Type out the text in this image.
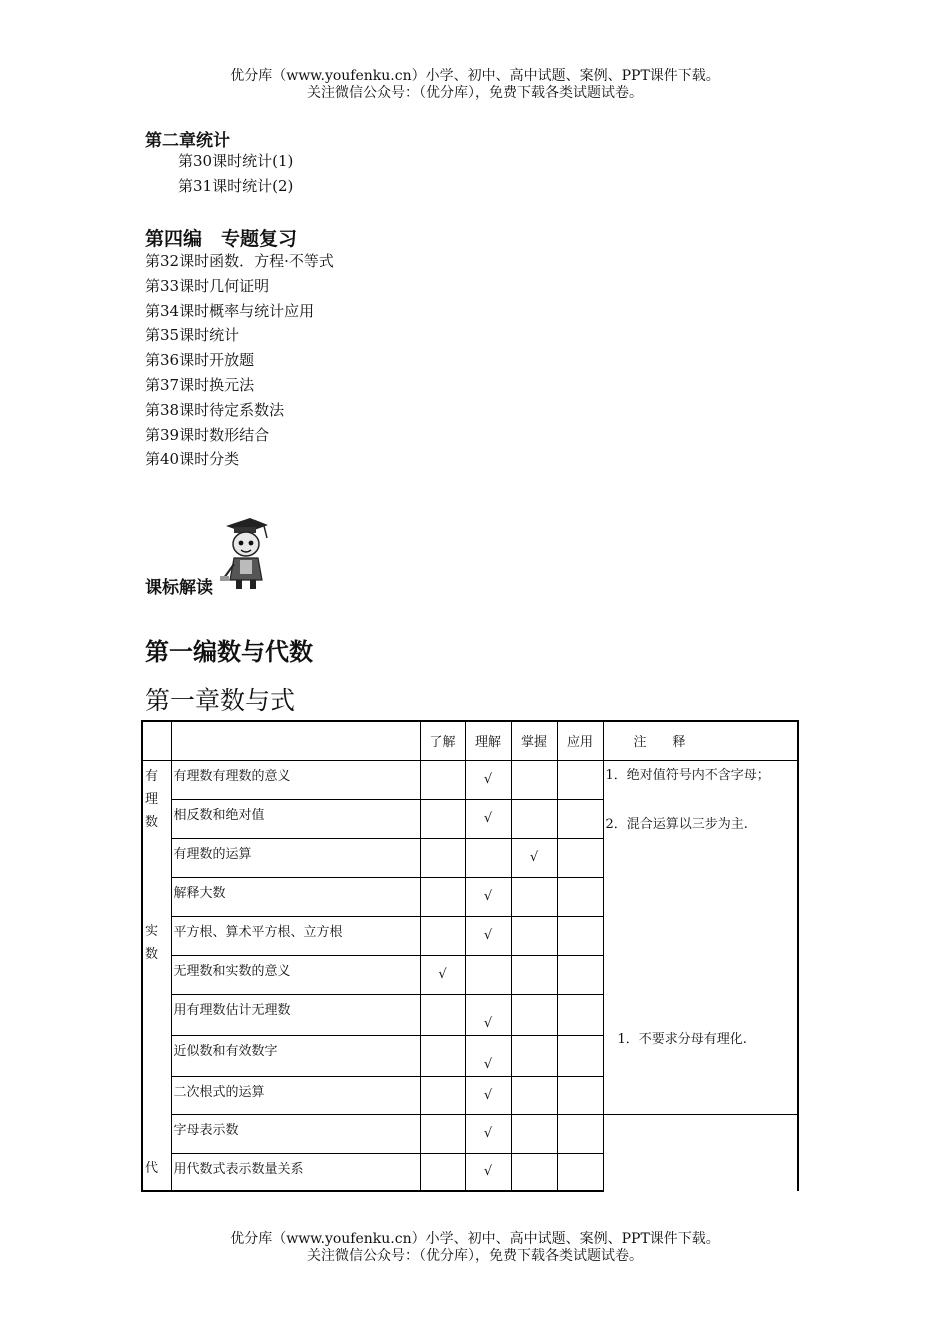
优分库（www.youfenku.cn）小学、初中、高中试题、案例、PPT课件下载。
关注微信公众号：（优分库），免费下载各类试题试卷。
第二章统计
第30课时统计(1)
第31课时统计(2)
第四编　专题复习
第32课时函数．方程·不等式
第33课时几何证明
第34课时概率与统计应用
第35课时统计
第36课时开放题
第37课时换元法
第38课时待定系数法
第39课时数形结合
第40课时分类
课标解读
第一编数与代数
第一章数与式
		了解	理解	掌握	应用	注　　释

有理数	有理数有理数的意义		√			1．绝对值符号内不含字母；
2．混合运算以三步为主.

	相反数和绝对值		√			

	有理数的运算			√		

	解释大数		√			

实数	平方根、算术平方根、立方根		√			1．不要求分母有理化.

	无理数和实数的意义	√				

	用有理数估计无理数		√			

	近似数和有效数字		√			

	二次根式的运算		√			

代	字母表示数		√			

	用代数式表示数量关系		√			
优分库（www.youfenku.cn）小学、初中、高中试题、案例、PPT课件下载。
关注微信公众号：（优分库），免费下载各类试题试卷。
